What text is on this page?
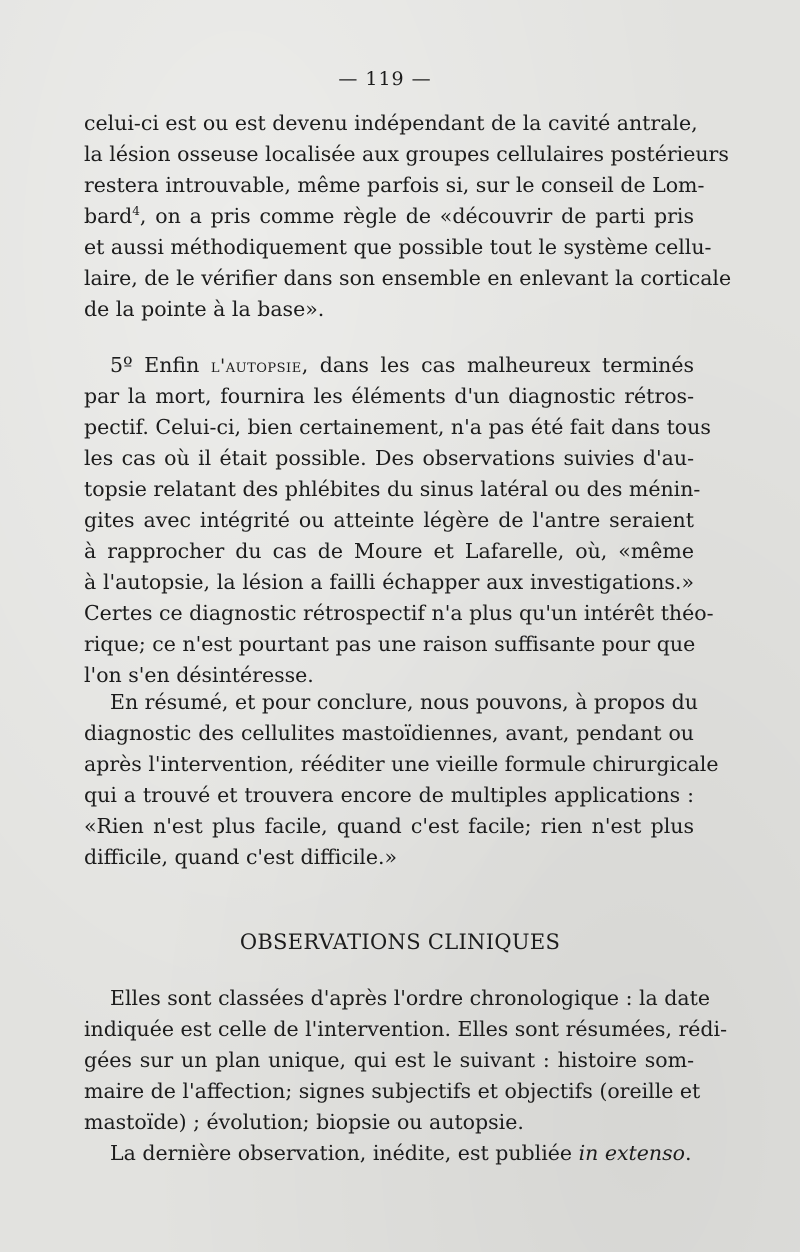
— 119 —
celui-ci est ou est devenu indépendant de la cavité antrale,
la lésion osseuse localisée aux groupes cellulaires postérieurs
restera introuvable, même parfois si, sur le conseil de Lom-
bard$^4$, on a pris comme règle de «découvrir de parti pris
et aussi méthodiquement que possible tout le système cellu-
laire, de le vérifier dans son ensemble en enlevant la corticale
de la pointe à la base».
5º Enfin l'autopsie, dans les cas malheureux terminés
par la mort, fournira les éléments d'un diagnostic rétros-
pectif. Celui-ci, bien certainement, n'a pas été fait dans tous
les cas où il était possible. Des observations suivies d'au-
topsie relatant des phlébites du sinus latéral ou des ménin-
gites avec intégrité ou atteinte légère de l'antre seraient
à rapprocher du cas de Moure et Lafarelle, où, «même
à l'autopsie, la lésion a failli échapper aux investigations.»
Certes ce diagnostic rétrospectif n'a plus qu'un intérêt théo-
rique; ce n'est pourtant pas une raison suffisante pour que
l'on s'en désintéresse.
En résumé, et pour conclure, nous pouvons, à propos du
diagnostic des cellulites mastoïdiennes, avant, pendant ou
après l'intervention, rééditer une vieille formule chirurgicale
qui a trouvé et trouvera encore de multiples applications :
«Rien n'est plus facile, quand c'est facile; rien n'est plus
difficile, quand c'est difficile.»
OBSERVATIONS CLINIQUES
Elles sont classées d'après l'ordre chronologique : la date
indiquée est celle de l'intervention. Elles sont résumées, rédi-
gées sur un plan unique, qui est le suivant : histoire som-
maire de l'affection; signes subjectifs et objectifs (oreille et
mastoïde) ; évolution; biopsie ou autopsie.
La dernière observation, inédite, est publiée in extenso.
